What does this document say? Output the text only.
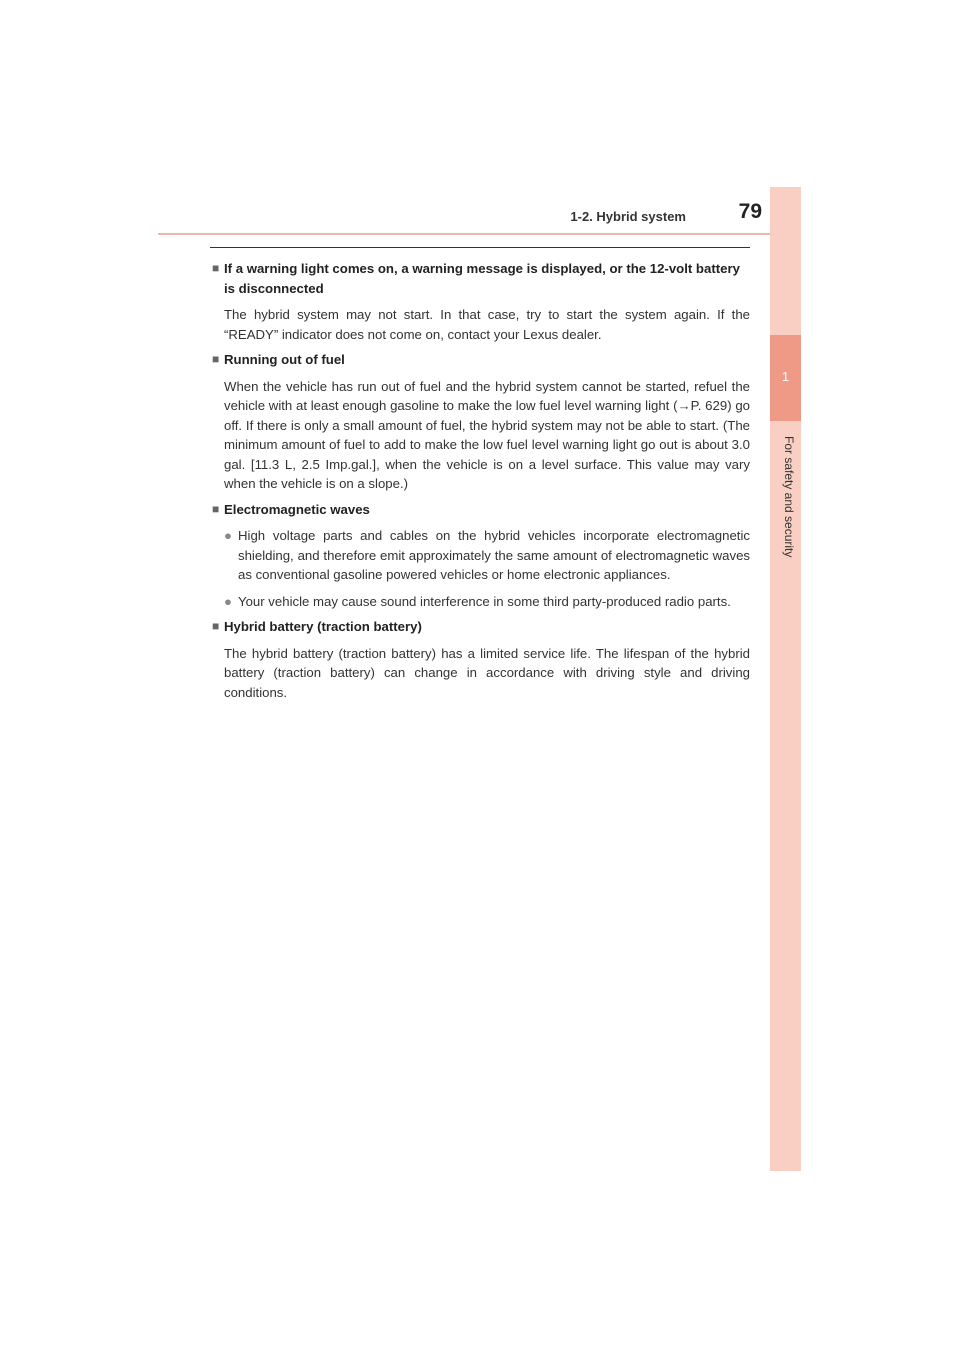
1-2. Hybrid system	79
1
For safety and security
■ If a warning light comes on, a warning message is displayed, or the 12-volt battery is disconnected
The hybrid system may not start. In that case, try to start the system again. If the “READY” indicator does not come on, contact your Lexus dealer.
■ Running out of fuel
When the vehicle has run out of fuel and the hybrid system cannot be started, refuel the vehicle with at least enough gasoline to make the low fuel level warning light (→P. 629) go off. If there is only a small amount of fuel, the hybrid system may not be able to start. (The minimum amount of fuel to add to make the low fuel level warning light go out is about 3.0 gal. [11.3 L, 2.5 Imp.gal.], when the vehicle is on a level surface. This value may vary when the vehicle is on a slope.)
■ Electromagnetic waves
● High voltage parts and cables on the hybrid vehicles incorporate electromagnetic shielding, and therefore emit approximately the same amount of electromagnetic waves as conventional gasoline powered vehicles or home electronic appliances.
● Your vehicle may cause sound interference in some third party-produced radio parts.
■ Hybrid battery (traction battery)
The hybrid battery (traction battery) has a limited service life. The lifespan of the hybrid battery (traction battery) can change in accordance with driving style and driving conditions.
